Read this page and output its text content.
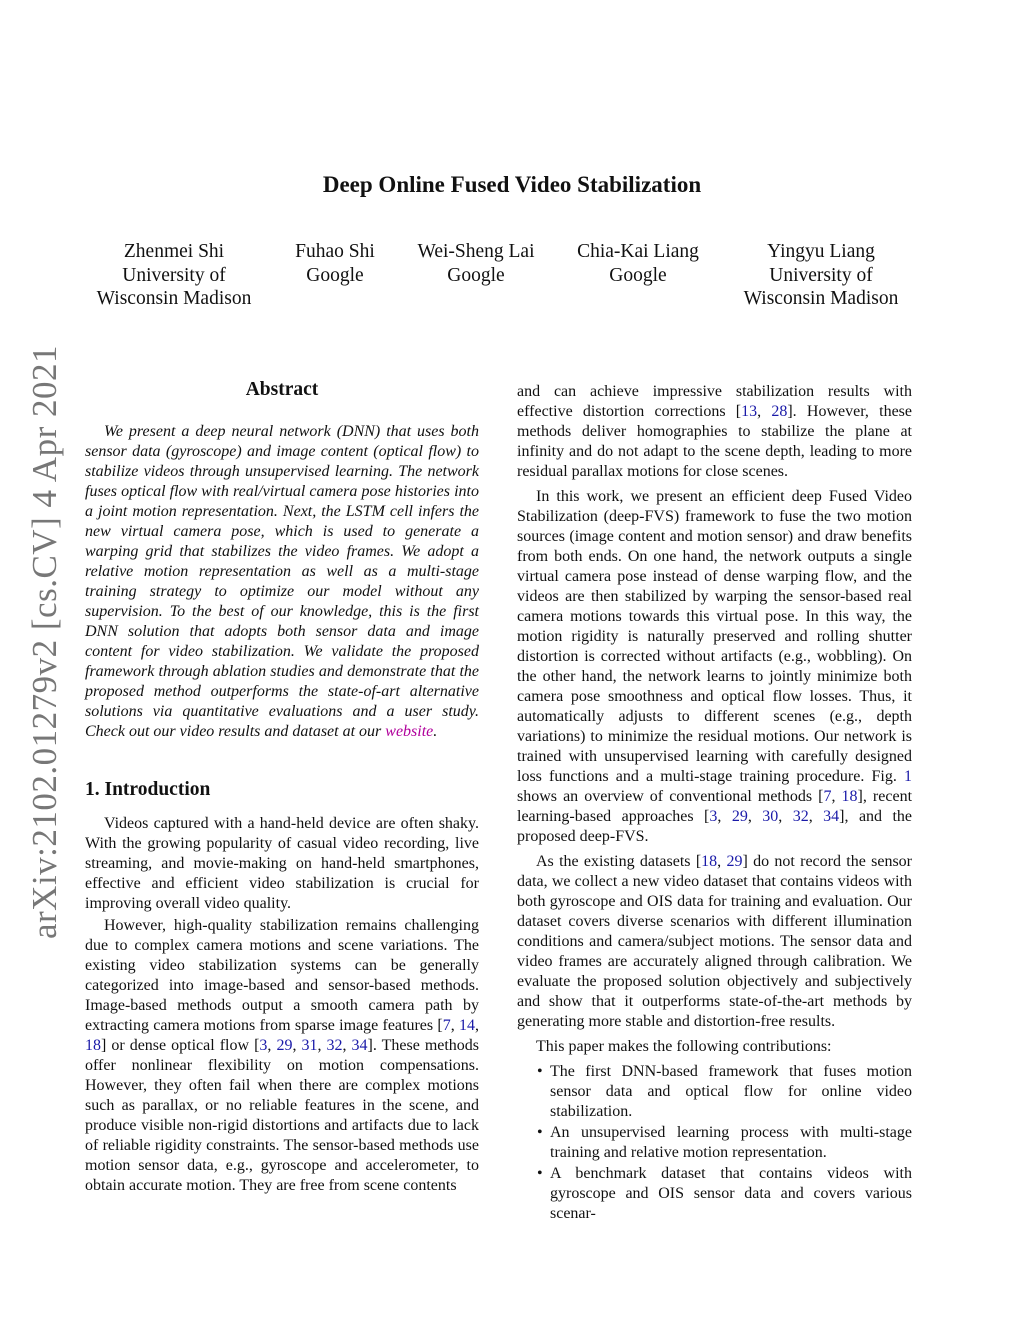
arXiv:2102.01279v2 [cs.CV] 4 Apr 2021
Deep Online Fused Video Stabilization
Zhenmei Shi
University of
Wisconsin Madison
Fuhao Shi
Google
Wei-Sheng Lai
Google
Chia-Kai Liang
Google
Yingyu Liang
University of
Wisconsin Madison
Abstract

We present a deep neural network (DNN) that uses both sensor data (gyroscope) and image content (optical flow) to stabilize videos through unsupervised learning. The network fuses optical flow with real/virtual camera pose histories into a joint motion representation. Next, the LSTM cell infers the new virtual camera pose, which is used to generate a warping grid that stabilizes the video frames. We adopt a relative motion representation as well as a multi-stage training strategy to optimize our model without any supervision. To the best of our knowledge, this is the first DNN solution that adopts both sensor data and image content for video stabilization. We validate the proposed framework through ablation studies and demonstrate that the proposed method outperforms the state-of-art alternative solutions via quantitative evaluations and a user study. Check out our video results and dataset at our website.

1. Introduction

Videos captured with a hand-held device are often shaky. With the growing popularity of casual video recording, live streaming, and movie-making on hand-held smartphones, effective and efficient video stabilization is crucial for improving overall video quality.

However, high-quality stabilization remains challenging due to complex camera motions and scene variations. The existing video stabilization systems can be generally categorized into image-based and sensor-based methods. Image-based methods output a smooth camera path by extracting camera motions from sparse image features [7, 14, 18] or dense optical flow [3, 29, 31, 32, 34]. These methods offer nonlinear flexibility on motion compensations. However, they often fail when there are complex motions such as parallax, or no reliable features in the scene, and produce visible non-rigid distortions and artifacts due to lack of reliable rigidity constraints. The sensor-based methods use motion sensor data, e.g., gyroscope and accelerometer, to obtain accurate motion. They are free from scene contents

and can achieve impressive stabilization results with effective distortion corrections [13, 28]. However, these methods deliver homographies to stabilize the plane at infinity and do not adapt to the scene depth, leading to more residual parallax motions for close scenes.

In this work, we present an efficient deep Fused Video Stabilization (deep-FVS) framework to fuse the two motion sources (image content and motion sensor) and draw benefits from both ends. On one hand, the network outputs a single virtual camera pose instead of dense warping flow, and the videos are then stabilized by warping the sensor-based real camera motions towards this virtual pose. In this way, the motion rigidity is naturally preserved and rolling shutter distortion is corrected without artifacts (e.g., wobbling). On the other hand, the network learns to jointly minimize both camera pose smoothness and optical flow losses. Thus, it automatically adjusts to different scenes (e.g., depth variations) to minimize the residual motions. Our network is trained with unsupervised learning with carefully designed loss functions and a multi-stage training procedure. Fig. 1 shows an overview of conventional methods [7, 18], recent learning-based approaches [3, 29, 30, 32, 34], and the proposed deep-FVS.

As the existing datasets [18, 29] do not record the sensor data, we collect a new video dataset that contains videos with both gyroscope and OIS data for training and evaluation. Our dataset covers diverse scenarios with different illumination conditions and camera/subject motions. The sensor data and video frames are accurately aligned through calibration. We evaluate the proposed solution objectively and subjectively and show that it outperforms state-of-the-art methods by generating more stable and distortion-free results.

This paper makes the following contributions:

• The first DNN-based framework that fuses motion sensor data and optical flow for online video stabilization.
• An unsupervised learning process with multi-stage training and relative motion representation.
• A benchmark dataset that contains videos with gyroscope and OIS sensor data and covers various scenar-
